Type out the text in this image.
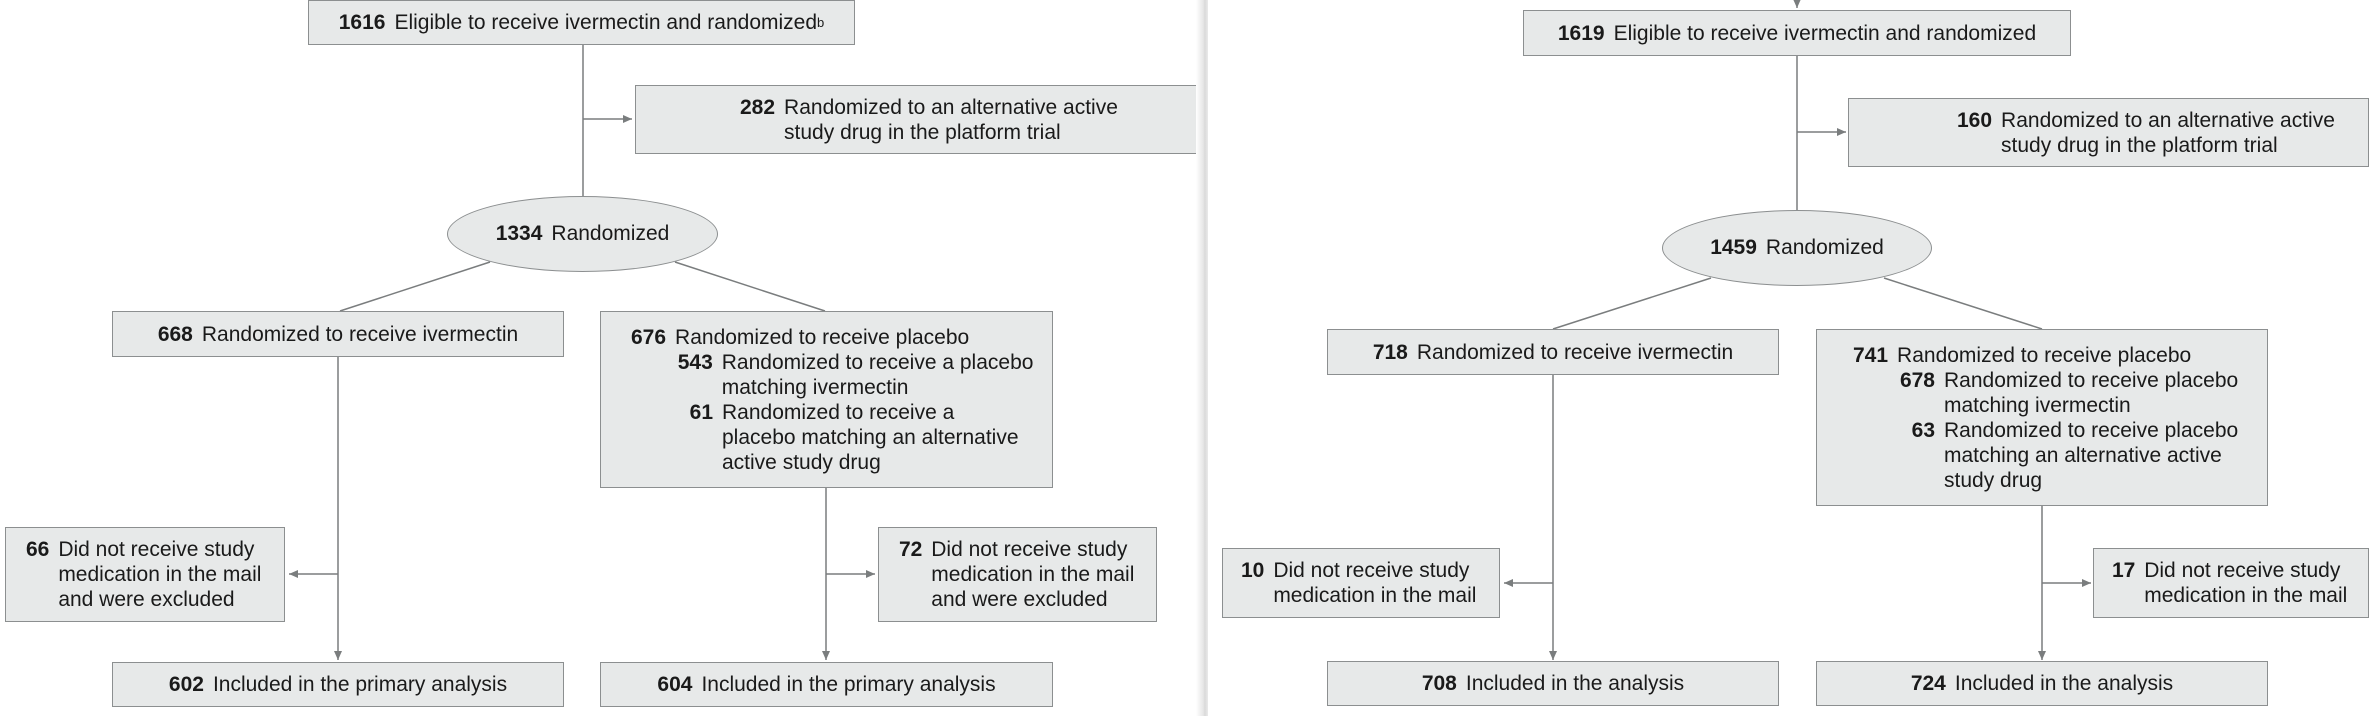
1616 Eligible to receive ivermectin and randomized b
282 Randomized to an alternative active study drug in the platform trial
1334 Randomized
668 Randomized to receive ivermectin	676 Randomized to receive placebo
543 Randomized to receive a placebo matching ivermectin
61 Randomized to receive a placebo matching an alternative active study drug
66 Did not receive study medication in the mail and were excluded
72 Did not receive study medication in the mail and were excluded
602 Included in the primary analysis	604 Included in the primary analysis
1619 Eligible to receive ivermectin and randomized
160 Randomized to an alternative active study drug in the platform trial
1459 Randomized
718 Randomized to receive ivermectin	741 Randomized to receive placebo
678 Randomized to receive placebo matching ivermectin
63 Randomized to receive placebo matching an alternative active study drug
10 Did not receive study medication in the mail
17 Did not receive study medication in the mail
708 Included in the analysis	724 Included in the analysis
